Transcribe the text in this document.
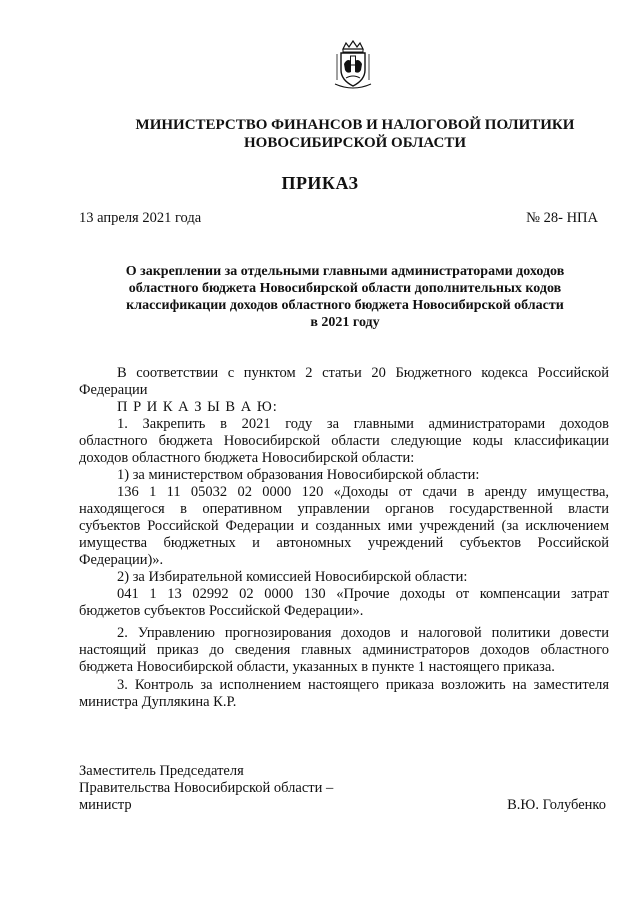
МИНИСТЕРСТВО ФИНАНСОВ И НАЛОГОВОЙ ПОЛИТИКИ
НОВОСИБИРСКОЙ ОБЛАСТИ
ПРИКАЗ
13 апреля 2021 года	№ 28- НПА
О закреплении за отдельными главными администраторами доходов
областного бюджета Новосибирской области дополнительных кодов
классификации доходов областного бюджета Новосибирской области
в 2021 году
В соответствии с пунктом 2 статьи 20 Бюджетного кодекса Российской
Федерации
П Р И К А З Ы В А Ю:
1. Закрепить в 2021 году за главными администраторами доходов
областного бюджета Новосибирской области следующие коды классификации
доходов областного бюджета Новосибирской области:
1) за министерством образования Новосибирской области:
136 1 11 05032 02 0000 120 «Доходы от сдачи в аренду имущества,
находящегося в оперативном управлении органов государственной власти
субъектов Российской Федерации и созданных ими учреждений (за исключением
имущества бюджетных и автономных учреждений субъектов Российской
Федерации)».
2) за Избирательной комиссией Новосибирской области:
041 1 13 02992 02 0000 130 «Прочие доходы от компенсации затрат
бюджетов субъектов Российской Федерации».
2. Управлению прогнозирования доходов и налоговой политики довести
настоящий приказ до сведения главных администраторов доходов областного
бюджета Новосибирской области, указанных в пункте 1 настоящего приказа.
3. Контроль за исполнением настоящего приказа возложить на заместителя
министра Дуплякина К.Р.
Заместитель Председателя
Правительства Новосибирской области –
министр	В.Ю. Голубенко
